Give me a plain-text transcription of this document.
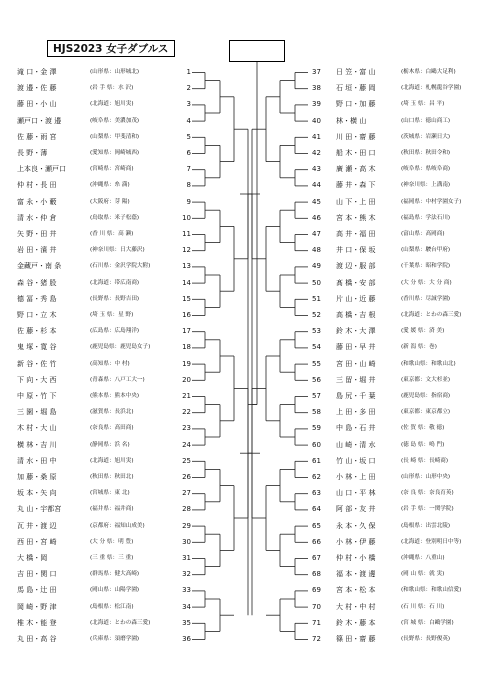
HJS2023 女子ダブルス
1
滝 口・金 澤	(山形県：山形城北)
2
渡 邉・佐 藤	(岩 手 県：水 沢)
3
藤 田・小 山	(北海道：旭川実)
4
瀬戸口・渡 邉	(岐阜県：美濃加茂)
5
佐 藤・雨 宮	(山梨県：甲斐清和)
6
長 野・薄	(愛知県：岡崎城西)
7
上本良・瀬戸口	(宮崎県：宮崎商)
8
仲 村・長 田	(沖縄県：糸 満)
9
富 永・小 藪	(大阪府：芽 陽)
10
清 水・仲 倉	(鳥取県：米子松蔭)
11
矢 野・田 井	(香 川 県：高 瀬)
12
岩 田・濱 井	(神奈川県：日大藤沢)
13
金藏戸・南 条	(石川県：金沢学院大附)
14
森 谷・猪 股	(北海道：帯広南商)
15
德 冨・秀 島	(長野県：長野吉田)
16
野 口・立 木	(埼 玉 県：星 野)
17
佐 藤・杉 本	(広島県：広島翔洋)
18
鬼 塚・寛 谷	(鹿児島県：鹿児島女子)
19
新 谷・佐 竹	(高知県：中 村)
20
下 向・大 西	(青森県：八戸工大一)
21
中 原・竹 下	(熊本県：熊本中央)
22
三 園・堀 島	(滋賀県：長浜北)
23
木 村・大 山	(奈良県：高田商)
24
横 林・吉 川	(静岡県：浜 名)
25
清 水・田 中	(北海道：旭川実)
26
加 藤・桑 原	(秋田県：秋田北)
27
坂 本・矢 向	(宮城県：東 北)
28
丸 山・宇都宮	(福井県：福井商)
29
瓦 井・渡 辺	(京都府：福知山成美)
30
西 田・宮 崎	(大 分 県：明 豊)
31
大 橋・岡	(三 重 県：三 重)
32
吉 田・関 口	(群馬県：健大高崎)
33
馬 島・辻 田	(岡山県：山陽学園)
34
岡 崎・野 津	(島根県：松江南)
35
椎 木・能 登	(北海道：とわの森三愛)
36
丸 田・高 谷	(兵庫県：須磨学園)
37	日 笠・富 山	(栃木県：白鷗大足利)
38	石 垣・藤 岡	(北海道：札幌龍谷学園)
39	野 口・加 藤	(埼 玉 県：昌 平)
40	林・横 山	(山口県：徳山商工)
41	川 田・齋 藤	(茨城県：岩瀬日大)
42	船 木・田 口	(秋田県：秋田令和)
43	廣 瀬・高 木	(岐阜県：県岐阜商)
44	藤 井・森 下	(神奈川県：上溝南)
45	山 下・上 田	(福岡県：中村学園女子)
46	宮 本・熊 木	(福島県：学法石川)
47	高 井・福 田	(富山県：高岡商)
48	井 口・保 坂	(山梨県：駿台甲府)
49	渡 辺・服 部	(千葉県：昭和学院)
50	髙 橋・安 部	(大 分 県：大 分 商)
51	片 山・近 藤	(香川県：尽誠学園)
52	高 橋・吉 根	(北海道：とわの森三愛)
53	鈴 木・大 澤	(愛 媛 県：済 美)
54	藤 田・早 井	(新 潟 県：巻)
55	宮 田・山 崎	(和歌山県：和歌山北)
56	三 留・堀 井	(東京都：文大杉並)
57	島 尻・千 葉	(鹿児島県：指宿商)
58	上 田・多 田	(東京都：東京都立)
59	中 島・石 井	(佐 賀 県：敬 徳)
60	山 崎・清 水	(徳 島 県：鳴 門)
61	竹 山・坂 口	(長 崎 県：長崎商)
62	小 林・上 田	(山形県：山形中央)
63	山 口・平 林	(奈 良 県：奈良育英)
64	阿 部・友 井	(岩 手 県：一関学院)
65	永 本・久 保	(島根県：出雲北陵)
66	小 林・伊 藤	(北海道：登別明日中等)
67	仲 村・小 橋	(沖縄県：八重山)
68	福 本・渡 邊	(岡 山 県：就 実)
69	宮 本・松 本	(和歌山県：和歌山信愛)
70	大 村・中 村	(石 川 県：石 川)
71	鈴 木・藤 本	(宮 城 県：白鷗学園)
72	篠 田・齋 藤	(長野県：長野俊英)
